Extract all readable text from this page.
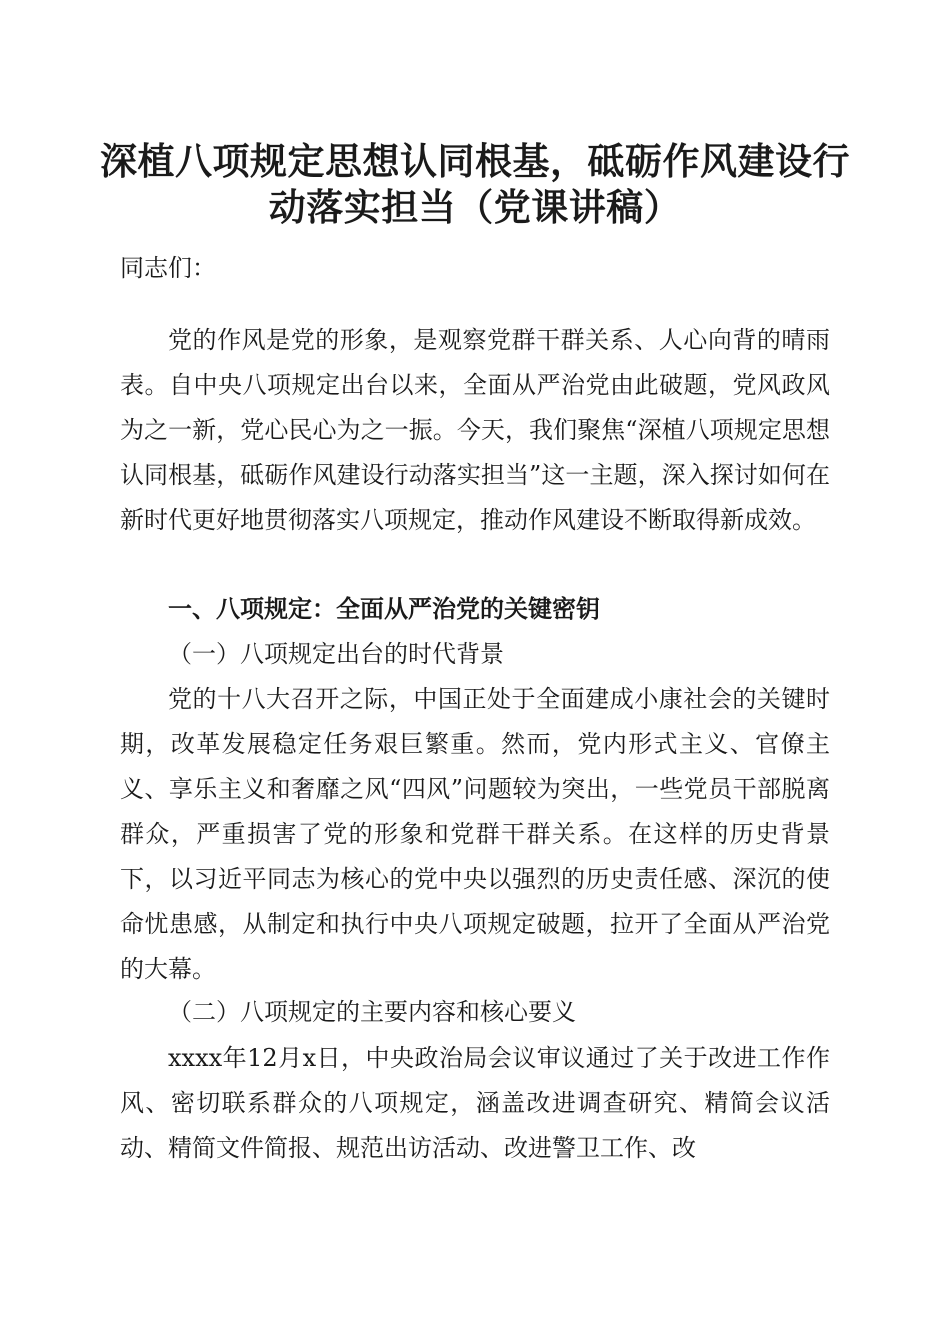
深植八项规定思想认同根基，砥砺作风建设行
动落实担当（党课讲稿）

同志们：

党的作风是党的形象，是观察党群干群关系、人心向背的晴雨表。自中央八项规定出台以来，全面从严治党由此破题，党风政风为之一新，党心民心为之一振。今天，我们聚焦“深植八项规定思想认同根基，砥砺作风建设行动落实担当”这一主题，深入探讨如何在新时代更好地贯彻落实八项规定，推动作风建设不断取得新成效。

一、八项规定：全面从严治党的关键密钥
（一）八项规定出台的时代背景

党的十八大召开之际，中国正处于全面建成小康社会的关键时期，改革发展稳定任务艰巨繁重。然而，党内形式主义、官僚主义、享乐主义和奢靡之风“四风”问题较为突出，一些党员干部脱离群众，严重损害了党的形象和党群干群关系。在这样的历史背景下，以习近平同志为核心的党中央以强烈的历史责任感、深沉的使命忧患感，从制定和执行中央八项规定破题，拉开了全面从严治党的大幕。

（二）八项规定的主要内容和核心要义

xxxx年12月x日，中央政治局会议审议通过了关于改进工作作风、密切联系群众的八项规定，涵盖改进调查研究、精简会议活动、精简文件简报、规范出访活动、改进警卫工作、改
